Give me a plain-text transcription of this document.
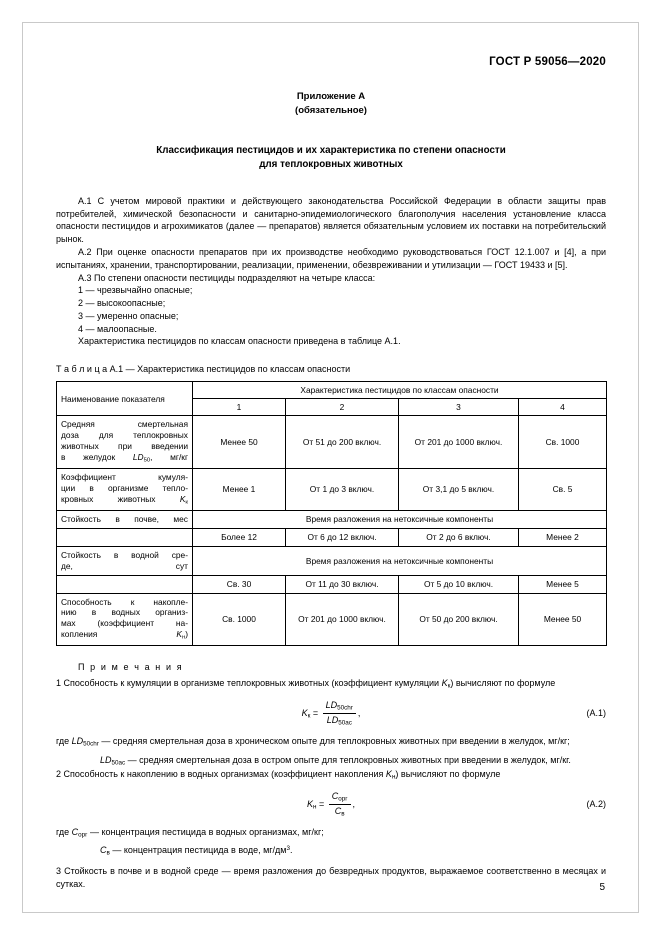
ГОСТ Р 59056—2020
Приложение А
(обязательное)
Классификация пестицидов и их характеристика по степени опасности
для теплокровных животных

А.1 С учетом мировой практики и действующего законодательства Российской Федерации в области защиты прав потребителей, химической безопасности и санитарно-эпидемиологического благополучия населения установление класса опасности пестицидов и агрохимикатов (далее — препаратов) является обязательным условием их поставки на потребительский рынок.

А.2 При оценке опасности препаратов при их производстве необходимо руководствоваться ГОСТ 12.1.007 и [4], а при испытаниях, хранении, транспортировании, реализации, применении, обезвреживании и утилизации — ГОСТ 19433 и [5].

А.3 По степени опасности пестициды подразделяют на четыре класса:

1 — чрезвычайно опасные;

2 — высокоопасные;

3 — умеренно опасные;

4 — малоопасные.

Характеристика пестицидов по классам опасности приведена в таблице А.1.

Т а б л и ц а А.1 — Характеристика пестицидов по классам опасности
Наименование показателя	Характеристика пестицидов по классам опасности			
	1	2	3	4
Средняя смертельная
доза для теплокровных
животных при введении
в желудок $LD_{50}$, мг/кг	Менее 50	От 51 до 200 включ.	От 201 до 1000 включ.	Св. 1000
Коэффициент кумуля-
ции в организме тепло-
кровных животных $K_к$	Менее 1	От 1 до 3 включ.	От 3,1 до 5 включ.	Св. 5
Стойкость в почве, мес	Время разложения на нетоксичные компоненты			
	Более 12	От 6 до 12 включ.	От 2 до 6 включ.	Менее 2
Стойкость в водной сре-
де, сут	Время разложения на нетоксичные компоненты			
	Св. 30	От 11 до 30 включ.	От 5 до 10 включ.	Менее 5
Способность к накопле-
нию в водных организ-
мах (коэффициент на-
копления $K_н$)	Св. 1000	От 201 до 1000 включ.	От 50 до 200 включ.	Менее 50
П р и м е ч а н и я

1 Способность к кумуляции в организме теплокровных животных (коэффициент кумуляции $K_к$) вычисляют по формуле

$K_к = \frac{LD_{50chr}}{LD_{50ас}}$ ,	(А.1)

где $LD_{50chr}$ — средняя смертельная доза в хроническом опыте для теплокровных животных при введении в желудок, мг/кг;

$LD_{50ас}$ — средняя смертельная доза в остром опыте для теплокровных животных при введении в желудок, мг/кг.

2 Способность к накоплению в водных организмах (коэффициент накопления $K_н$) вычисляют по формуле

$K_н = \frac{C_{орг}}{C_в}$ ,	(А.2)

где $C_{орг}$ — концентрация пестицида в водных организмах, мг/кг;

$C_в$ — концентрация пестицида в воде, $мг/дм^3$.

3 Стойкость в почве и в водной среде — время разложения до безвредных продуктов, выражаемое соответственно в месяцах и сутках.	5
